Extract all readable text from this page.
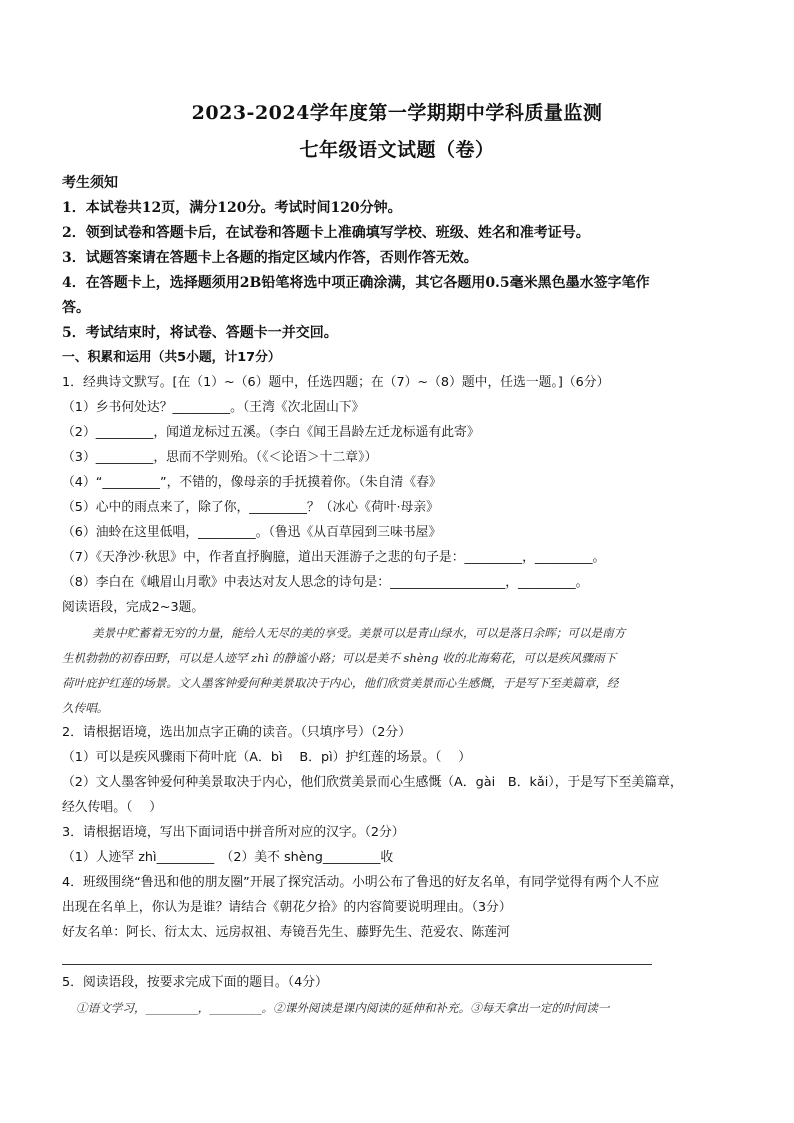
2023-2024学年度第一学期期中学科质量监测
七年级语文试题（卷）
考生须知
1．本试卷共12页，满分120分。考试时间120分钟。
2．领到试卷和答题卡后，在试卷和答题卡上准确填写学校、班级、姓名和准考证号。
3．试题答案请在答题卡上各题的指定区域内作答，否则作答无效。
4．在答题卡上，选择题须用2B铅笔将选中项正确涂满，其它各题用0.5毫米黑色墨水签字笔作
答。
5．考试结束时，将试卷、答题卡一并交回。
一、积累和运用（共5小题，计17分）
1．经典诗文默写。[在（1）~（6）题中，任选四题；在（7）~（8）题中，任选一题。]（6分）
（1）乡书何处达？_________。（王湾《次北固山下》
（2）_________，闻道龙标过五溪。（李白《闻王昌龄左迁龙标遥有此寄》
（3）_________，思而不学则殆。（《＜论语＞十二章》）
（4）“_________”，不错的，像母亲的手抚摸着你。（朱自清《春》
（5）心中的雨点来了，除了你，_________？（冰心《荷叶·母亲》
（6）油蛉在这里低唱，_________。（鲁迅《从百草园到三味书屋》
（7）《天净沙·秋思》中，作者直抒胸臆，道出天涯游子之悲的句子是：_________，_________。
（8）李白在《峨眉山月歌》中表达对友人思念的诗句是：__________________，_________。
阅读语段，完成2~3题。
美景中贮蓄着无穷的力量，能给人无尽的美的享受。美景可以是青山绿水，可以是落日余晖；可以是南方
生机勃勃的初春田野，可以是人迹罕 zhì 的静谧小路；可以是美不 shèng 收的北海菊花，可以是疾风骤雨下
荷叶庇护红莲的场景。文人墨客钟爱何种美景取决于内心，他们欣赏美景而心生感慨，于是写下至美篇章，经
久传唱。
2．请根据语境，选出加点字正确的读音。（只填序号）（2分）
（1）可以是疾风骤雨下荷叶庇（A．bì　 B．pì）护红莲的场景。（　 ）
（2）文人墨客钟爱何种美景取决于内心，他们欣赏美景而心生感慨（A．gài　B．kǎi），于是写下至美篇章，
经久传唱。（　 ）
3．请根据语境，写出下面词语中拼音所对应的汉字。（2分）
（1）人迹罕 zhì_________　（2）美不 shèng_________收
4．班级围绕“鲁迅和他的朋友圈”开展了探究活动。小明公布了鲁迅的好友名单，有同学觉得有两个人不应
出现在名单上，你认为是谁？请结合《朝花夕拾》的内容简要说明理由。（3分）
好友名单：阿长、衍太太、远房叔祖、寿镜吾先生、藤野先生、范爱农、陈莲河
5．阅读语段，按要求完成下面的题目。（4分）
①语文学习，_________，_________。②课外阅读是课内阅读的延伸和补充。③每天拿出一定的时间读一
